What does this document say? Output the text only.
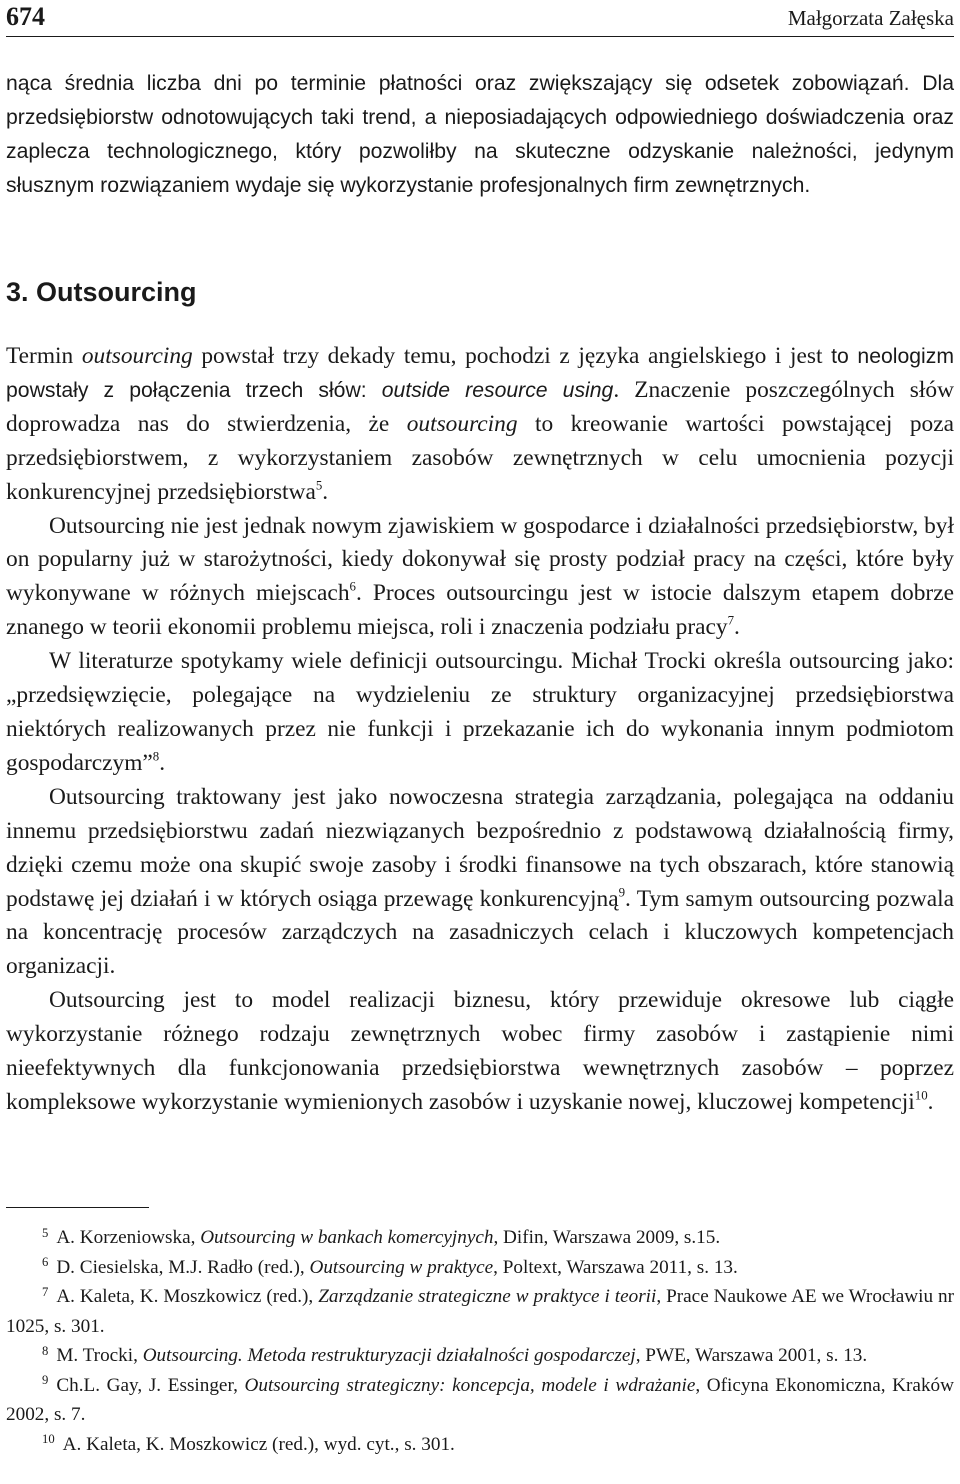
674	Małgorzata Załęska

nąca średnia liczba dni po terminie płatności oraz zwiększający się odsetek zobowiązań. Dla przedsiębiorstw odnotowujących taki trend, a nieposiadających odpowiedniego doświadczenia oraz zaplecza technologicznego, który pozwoliłby na skuteczne odzyskanie należności, jedynym słusznym rozwiązaniem wydaje się wykorzystanie profesjonalnych firm zewnętrznych.

3. Outsourcing

Termin outsourcing powstał trzy dekady temu, pochodzi z języka angielskiego i jest to neologizm powstały z połączenia trzech słów: outside resource using. Znaczenie poszczególnych słów doprowadza nas do stwierdzenia, że outsourcing to kreowanie wartości powstającej poza przedsiębiorstwem, z wykorzystaniem zasobów zewnętrznych w celu umocnienia pozycji konkurencyjnej przedsiębiorstwa$^5$.

Outsourcing nie jest jednak nowym zjawiskiem w gospodarce i działalności przedsiębiorstw, był on popularny już w starożytności, kiedy dokonywał się prosty podział pracy na części, które były wykonywane w różnych miejscach$^6$. Proces outsourcingu jest w istocie dalszym etapem dobrze znanego w teorii ekonomii problemu miejsca, roli i znaczenia podziału pracy$^7$.

W literaturze spotykamy wiele definicji outsourcingu. Michał Trocki określa outsourcing jako: „przedsięwzięcie, polegające na wydzieleniu ze struktury organizacyjnej przedsiębiorstwa niektórych realizowanych przez nie funkcji i przekazanie ich do wykonania innym podmiotom gospodarczym”$^8$.

Outsourcing traktowany jest jako nowoczesna strategia zarządzania, polegająca na oddaniu innemu przedsiębiorstwu zadań niezwiązanych bezpośrednio z podstawową działalnością firmy, dzięki czemu może ona skupić swoje zasoby i środki finansowe na tych obszarach, które stanowią podstawę jej działań i w których osiąga przewagę konkurencyjną$^9$. Tym samym outsourcing pozwala na koncentrację procesów zarządczych na zasadniczych celach i kluczowych kompetencjach organizacji.

Outsourcing jest to model realizacji biznesu, który przewiduje okresowe lub ciągłe wykorzystanie różnego rodzaju zewnętrznych wobec firmy zasobów i zastąpienie nimi nieefektywnych dla funkcjonowania przedsiębiorstwa wewnętrznych zasobów – poprzez kompleksowe wykorzystanie wymienionych zasobów i uzyskanie nowej, kluczowej kompetencji$^{10}$.

$^5$ A. Korzeniowska, Outsourcing w bankach komercyjnych, Difin, Warszawa 2009, s.15.

$^6$ D. Ciesielska, M.J. Radło (red.), Outsourcing w praktyce, Poltext, Warszawa 2011, s. 13.

$^7$ A. Kaleta, K. Moszkowicz (red.), Zarządzanie strategiczne w praktyce i teorii, Prace Naukowe AE we Wrocławiu nr 1025, s. 301.

$^8$ M. Trocki, Outsourcing. Metoda restrukturyzacji działalności gospodarczej, PWE, Warszawa 2001, s. 13.

$^9$ Ch.L. Gay, J. Essinger, Outsourcing strategiczny: koncepcja, modele i wdrażanie, Oficyna Ekonomiczna, Kraków 2002, s. 7.

$^{10}$ A. Kaleta, K. Moszkowicz (red.), wyd. cyt., s. 301.
